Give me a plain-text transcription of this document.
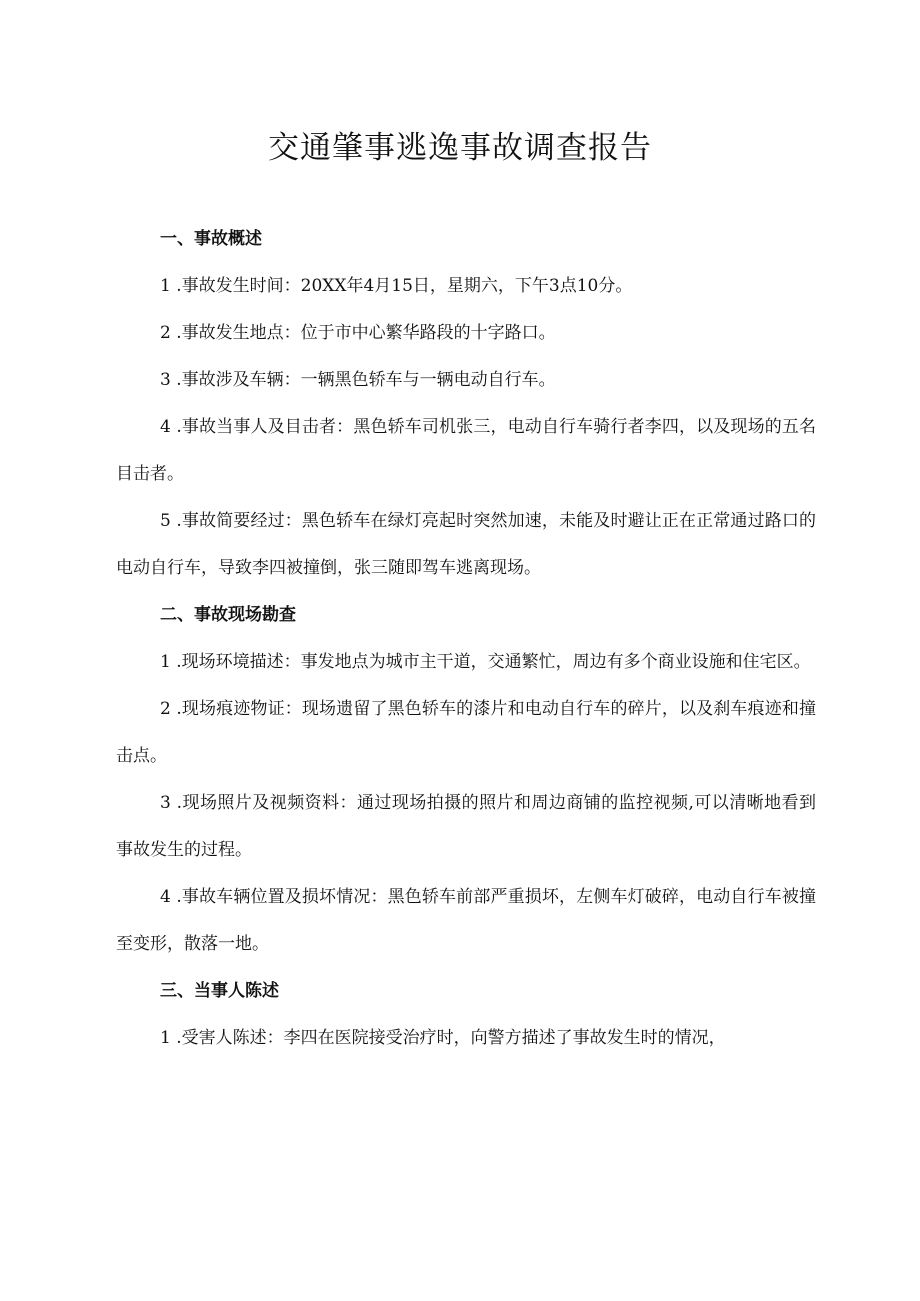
交通肇事逃逸事故调查报告

一、事故概述

1 .事故发生时间：20XX年4月15日，星期六，下午3点10分。

2 .事故发生地点：位于市中心繁华路段的十字路口。

3 .事故涉及车辆：一辆黑色轿车与一辆电动自行车。

4 .事故当事人及目击者：黑色轿车司机张三，电动自行车骑行者李四，以及现场的五名目击者。

5 .事故简要经过：黑色轿车在绿灯亮起时突然加速，未能及时避让正在正常通过路口的电动自行车，导致李四被撞倒，张三随即驾车逃离现场。

二、事故现场勘查

1 .现场环境描述：事发地点为城市主干道，交通繁忙，周边有多个商业设施和住宅区。

2 .现场痕迹物证：现场遗留了黑色轿车的漆片和电动自行车的碎片，以及刹车痕迹和撞击点。

3 .现场照片及视频资料：通过现场拍摄的照片和周边商铺的监控视频,可以清晰地看到事故发生的过程。

4 .事故车辆位置及损坏情况：黑色轿车前部严重损坏，左侧车灯破碎，电动自行车被撞至变形，散落一地。

三、当事人陈述

1 .受害人陈述：李四在医院接受治疗时，向警方描述了事故发生时的情况，
